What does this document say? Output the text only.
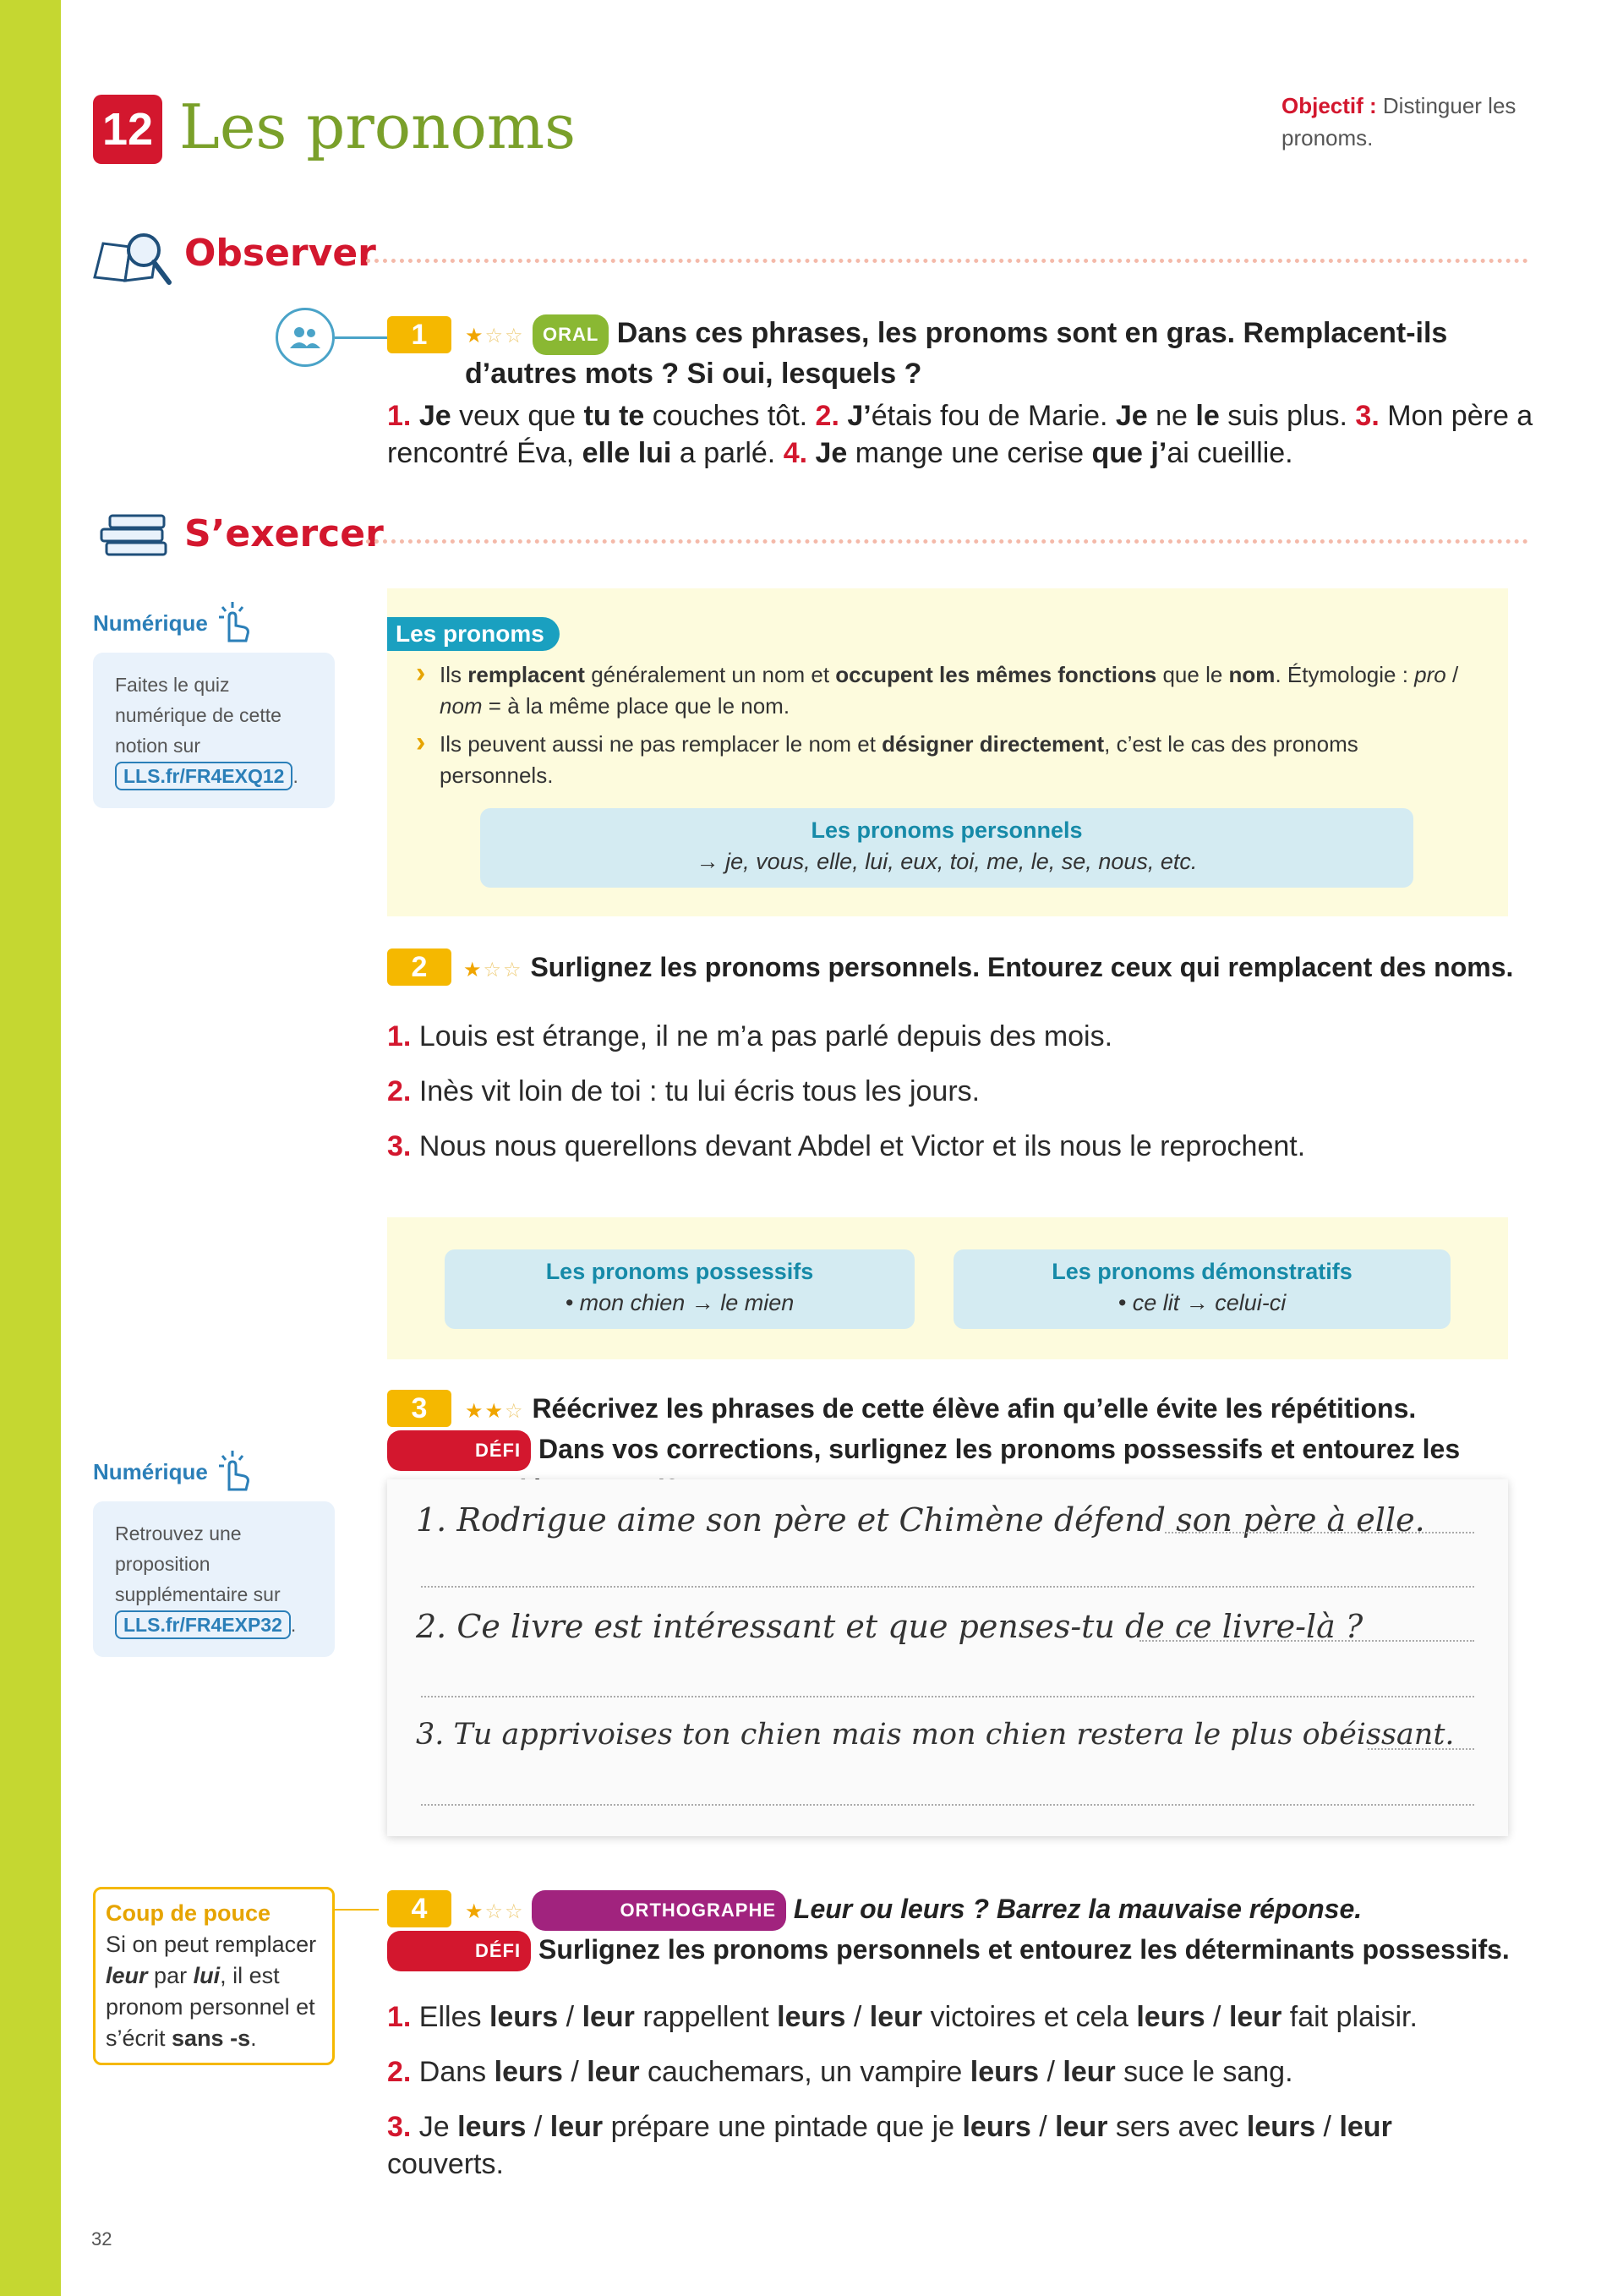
12 Les pronoms	Objectif : Distinguer les pronoms.
Observer
1	★☆☆ ORAL Dans ces phrases, les pronoms sont en gras. Remplacent-ils d’autres mots ? Si oui, lesquels ?
1. Je veux que tu te couches tôt. 2. J’étais fou de Marie. Je ne le suis plus. 3. Mon père a rencontré Éva, elle lui a parlé. 4. Je mange une cerise que j’ai cueillie.
S’exercer
Numérique
Faites le quiz numérique de cette notion sur LLS.fr/FR4EXQ12 .
Les pronoms
› Ils remplacent généralement un nom et occupent les mêmes fonctions que le nom. Étymologie : pro / nom = à la même place que le nom.
› Ils peuvent aussi ne pas remplacer le nom et désigner directement, c’est le cas des pronoms personnels.
Les pronoms personnels
→ je, vous, elle, lui, eux, toi, me, le, se, nous, etc.
2	★☆☆ Surlignez les pronoms personnels. Entourez ceux qui remplacent des noms.
1. Louis est étrange, il ne m’a pas parlé depuis des mois.
2. Inès vit loin de toi : tu lui écris tous les jours.
3. Nous nous querellons devant Abdel et Victor et ils nous le reprochent.
Les pronoms possessifs
• mon chien → le mien
Les pronoms démonstratifs
• ce lit → celui-ci
Numérique
Retrouvez une proposition supplémentaire sur LLS.fr/FR4EXP32 .
3	★★☆ Réécrivez les phrases de cette élève afin qu’elle évite les répétitions. DÉFI Dans vos corrections, surlignez les pronoms possessifs et entourez les
1. Rodrigue aime son père et Chimène défend son père à elle.
2. Ce livre est intéressant et que penses-tu de ce livre-là ?
3. Tu apprivoises ton chien mais mon chien restera le plus obéissant.
Coup de pouce
Si on peut remplacer leur par lui, il est pronom personnel et s’écrit sans -s.
4	★☆☆	ORTHOGRAPHE Leur ou leurs ? Barrez la mauvaise réponse. DÉFI Surlignez les pronoms personnels et entourez les déterminants possessifs.
1. Elles leurs / leur rappellent leurs / leur victoires et cela leurs / leur fait plaisir.
2. Dans leurs / leur cauchemars, un vampire leurs / leur suce le sang.
3. Je leurs / leur prépare une pintade que je leurs / leur sers avec leurs / leur couverts.
32
